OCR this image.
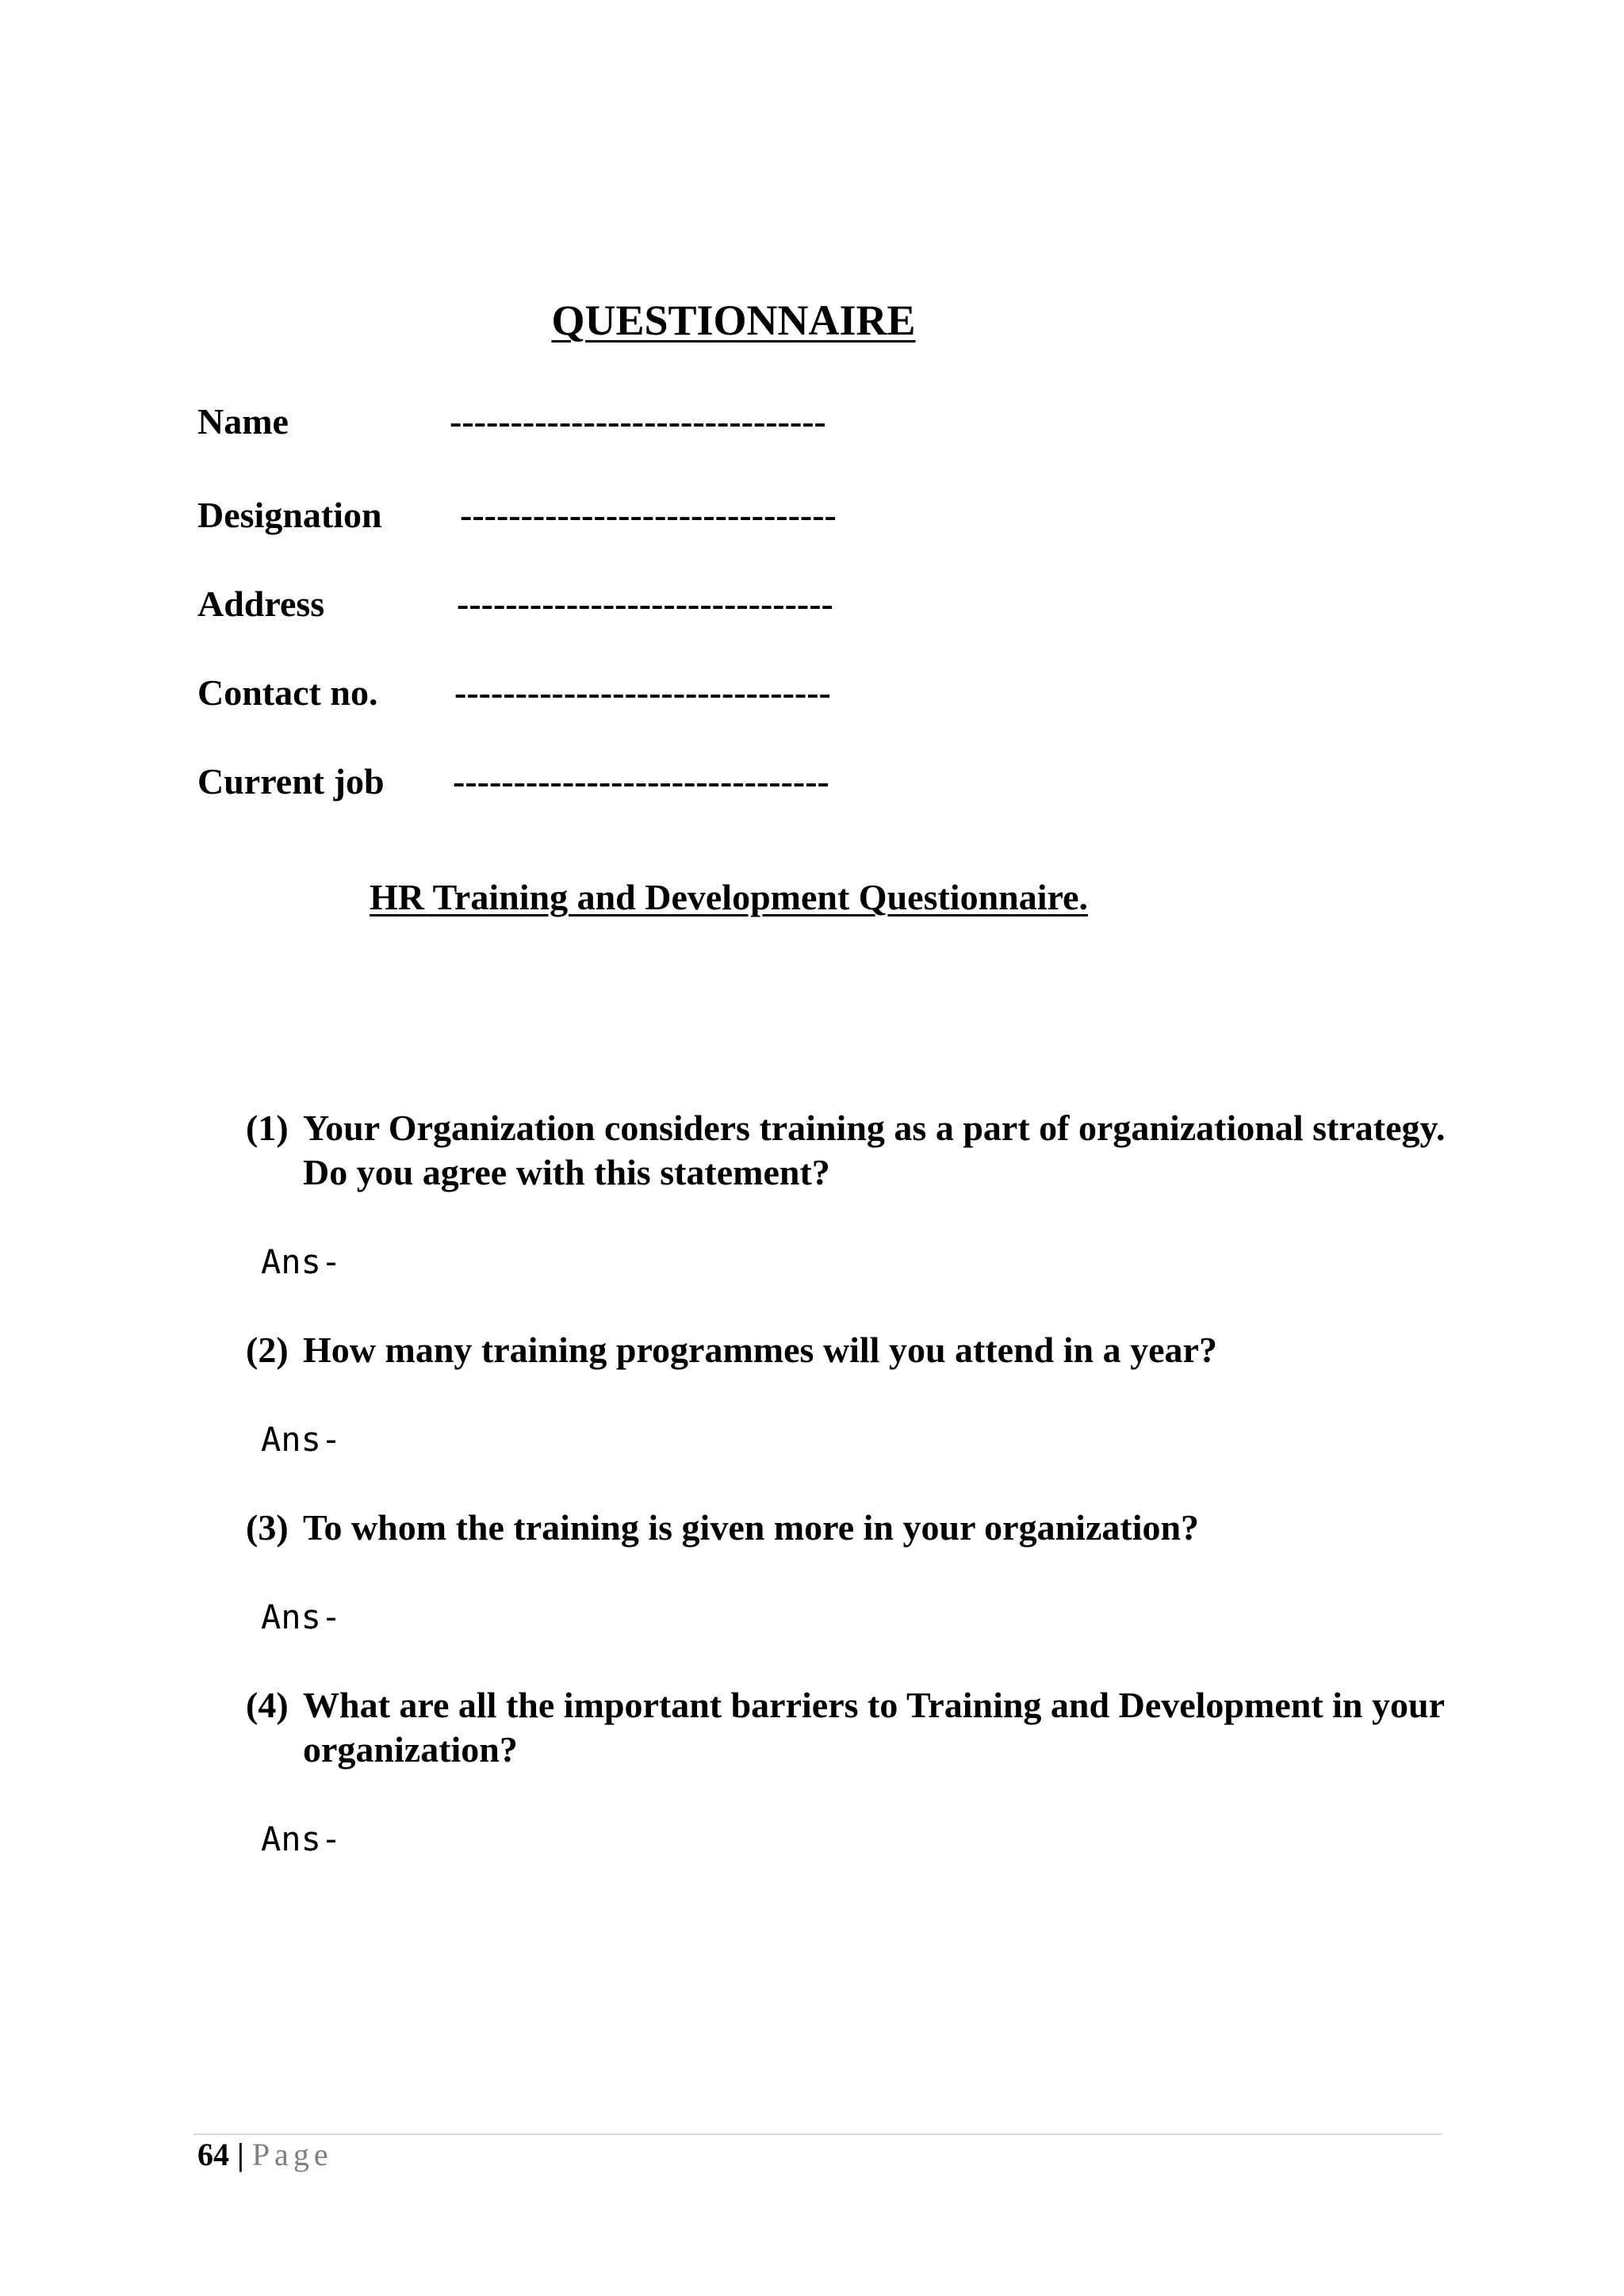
QUESTIONNAIRE
Name	-------------------------------
Designation -------------------------------
Address	-------------------------------
Contact no. -------------------------------
Current job -------------------------------
HR Training and Development Questionnaire.
(1) Your Organization considers training as a part of organizational strategy. Do you agree with this statement?
Ans-
(2) How many training programmes will you attend in a year?
Ans-
(3) To whom the training is given more in your organization?
Ans-
(4) What are all the important barriers to Training and Development in your organization?
Ans-
64 | Page
